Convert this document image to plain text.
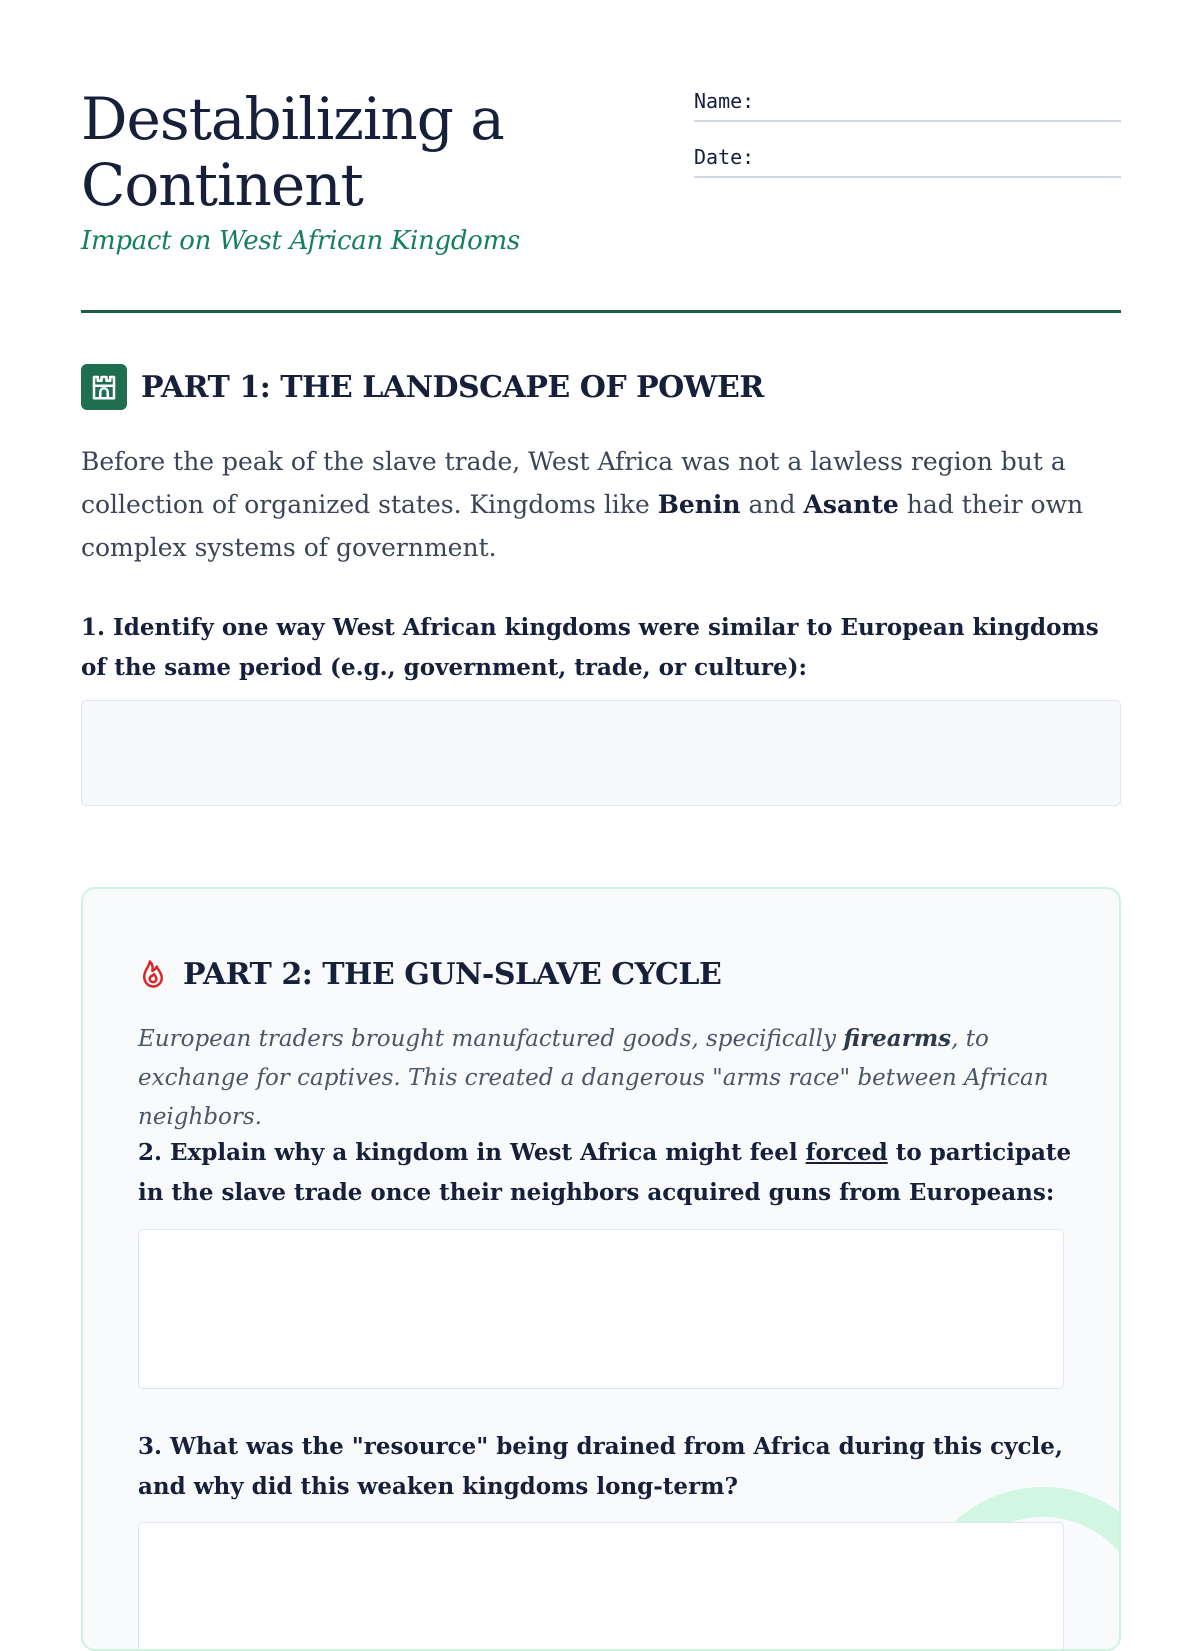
Destabilizing a Continent
Impact on West African Kingdoms
Name:
Date:
PART 1: THE LANDSCAPE OF POWER

Before the peak of the slave trade, West Africa was not a lawless region but a collection of organized states. Kingdoms like Benin and Asante had their own complex systems of government.

1. Identify one way West African kingdoms were similar to European kingdoms of the same period (e.g., government, trade, or culture):

PART 2: THE GUN-SLAVE CYCLE

European traders brought manufactured goods, specifically firearms, to exchange for captives. This created a dangerous "arms race" between African neighbors.

2. Explain why a kingdom in West Africa might feel forced to participate in the slave trade once their neighbors acquired guns from Europeans:

3. What was the "resource" being drained from Africa during this cycle, and why did this weaken kingdoms long-term?
